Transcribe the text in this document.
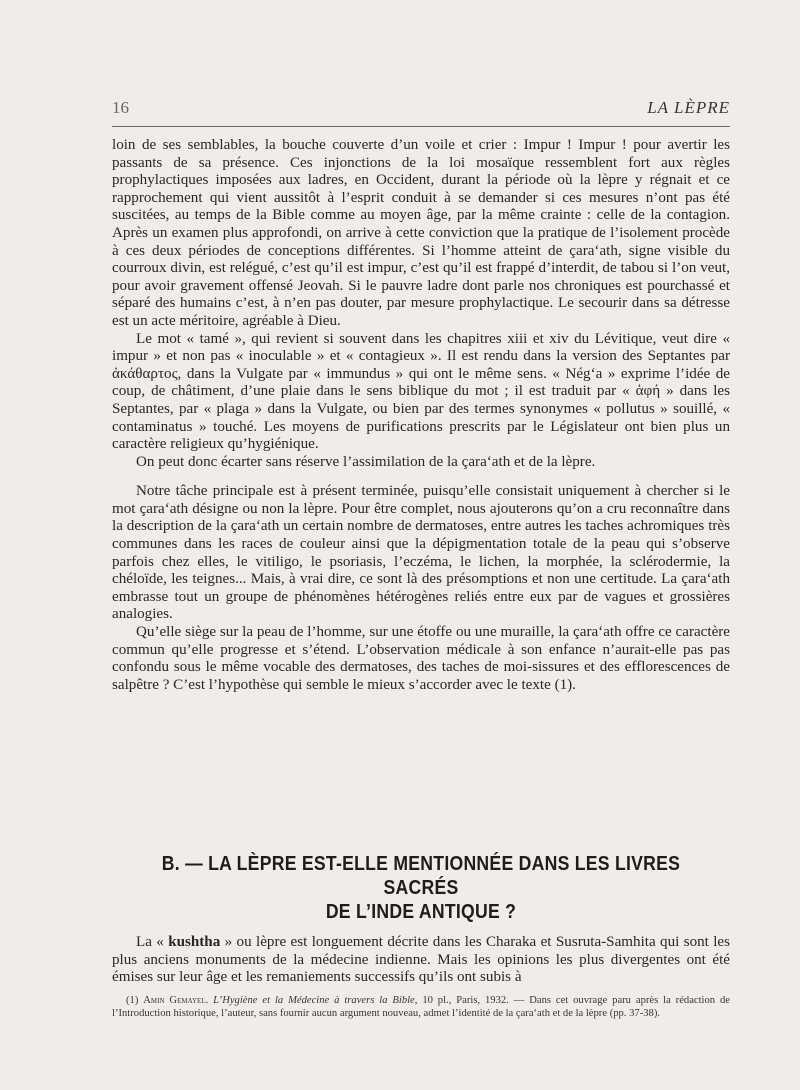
16	LA LÈPRE

loin de ses semblables, la bouche couverte d’un voile et crier : Impur ! Impur ! pour avertir les passants de sa présence. Ces injonctions de la loi mosaïque ressemblent fort aux règles prophylactiques imposées aux ladres, en Occident, durant la période où la lèpre y régnait et ce rapprochement qui vient aussitôt à l’esprit conduit à se demander si ces mesures n’ont pas été suscitées, au temps de la Bible comme au moyen âge, par la même crainte : celle de la contagion. Après un examen plus approfondi, on arrive à cette conviction que la pratique de l’isolement procède à ces deux périodes de conceptions différentes. Si l’homme atteint de çara‘ath, signe visible du courroux divin, est relégué, c’est qu’il est impur, c’est qu’il est frappé d’interdit, de tabou si l’on veut, pour avoir gravement offensé Jeovah. Si le pauvre ladre dont parle nos chroniques est pourchassé et séparé des humains c’est, à n’en pas douter, par mesure prophylactique. Le secourir dans sa détresse est un acte méritoire, agréable à Dieu.

Le mot « tamé », qui revient si souvent dans les chapitres xiii et xiv du Lévitique, veut dire « impur » et non pas « inoculable » et « contagieux ». Il est rendu dans la version des Septantes par ἀκάθαρτος, dans la Vulgate par « immundus » qui ont le même sens. « Nég‘a » exprime l’idée de coup, de châtiment, d’une plaie dans le sens biblique du mot ; il est traduit par « ἁφή » dans les Septantes, par « plaga » dans la Vulgate, ou bien par des termes synonymes « pollutus » souillé, « contaminatus » touché. Les moyens de purifications prescrits par le Législateur ont bien plus un caractère religieux qu’hygiénique.

On peut donc écarter sans réserve l’assimilation de la çara‘ath et de la lèpre.

Notre tâche principale est à présent terminée, puisqu’elle consistait uniquement à chercher si le mot çara‘ath désigne ou non la lèpre. Pour être complet, nous ajouterons qu’on a cru reconnaître dans la description de la çara‘ath un certain nombre de dermatoses, entre autres les taches achromiques très communes dans les races de couleur ainsi que la dépigmentation totale de la peau qui s’observe parfois chez elles, le vitiligo, le psoriasis, l’eczéma, le lichen, la morphée, la sclérodermie, la chéloïde, les teignes... Mais, à vrai dire, ce sont là des présomptions et non une certitude. La çara‘ath embrasse tout un groupe de phénomènes hétérogènes reliés entre eux par de vagues et grossières analogies.

Qu’elle siège sur la peau de l’homme, sur une étoffe ou une muraille, la çara‘ath offre ce caractère commun qu’elle progresse et s’étend. L’observation médicale à son enfance n’aurait-elle pas pas confondu sous le même vocable des dermatoses, des taches de moi-sissures et des efflorescences de salpêtre ? C’est l’hypothèse qui semble le mieux s’accorder avec le texte (1).

B. — LA LÈPRE EST-ELLE MENTIONNÉE DANS LES LIVRES SACRÉS
DE L’INDE ANTIQUE ?

La « kushtha » ou lèpre est longuement décrite dans les Charaka et Susruta-Samhita qui sont les plus anciens monuments de la médecine indienne. Mais les opinions les plus divergentes ont été émises sur leur âge et les remaniements successifs qu’ils ont subis à

(1) Amin Gemayel. L’Hygiène et la Médecine à travers la Bible, 10 pl., Paris, 1932. — Dans cet ouvrage paru après la rédaction de l’Introduction historique, l’auteur, sans fournir aucun argument nouveau, admet l’identité de la çara‘ath et de la lèpre (pp. 37-38).
